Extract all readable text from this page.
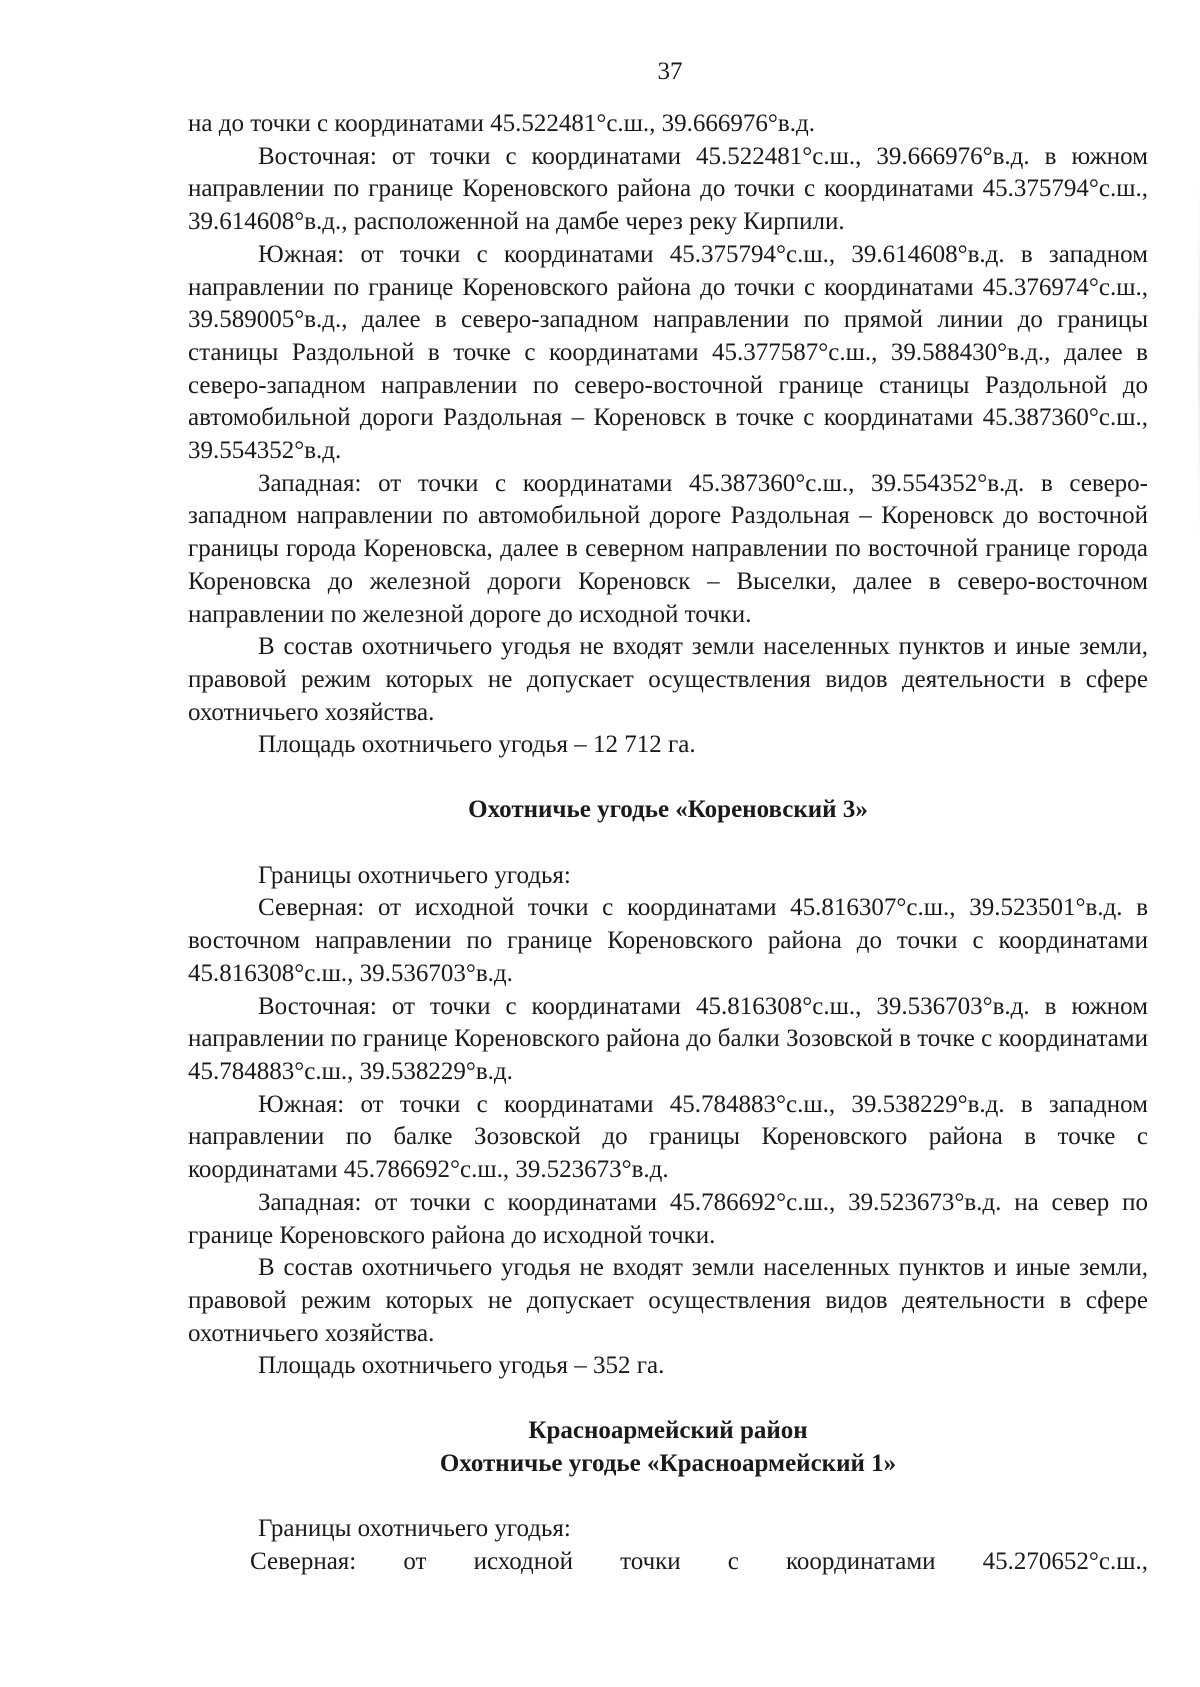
37

на до точки с координатами 45.522481°с.ш., 39.666976°в.д.

Восточная: от точки с координатами 45.522481°с.ш., 39.666976°в.д. в южном направлении по границе Кореновского района до точки с координатами 45.375794°с.ш., 39.614608°в.д., расположенной на дамбе через реку Кирпили.

Южная: от точки с координатами 45.375794°с.ш., 39.614608°в.д. в западном направлении по границе Кореновского района до точки с координатами 45.376974°с.ш., 39.589005°в.д., далее в северо-западном направлении по прямой линии до границы станицы Раздольной в точке с координатами 45.377587°с.ш., 39.588430°в.д., далее в северо-западном направлении по северо-восточной границе станицы Раздольной до автомобильной дороги Раздольная – Кореновск в точке с координатами 45.387360°с.ш., 39.554352°в.д.

Западная: от точки с координатами 45.387360°с.ш., 39.554352°в.д. в северо-западном направлении по автомобильной дороге Раздольная – Кореновск до восточной границы города Кореновска, далее в северном направлении по восточной границе города Кореновска до железной дороги Кореновск – Выселки, далее в северо-восточном направлении по железной дороге до исходной точки.

В состав охотничьего угодья не входят земли населенных пунктов и иные земли, правовой режим которых не допускает осуществления видов деятельности в сфере охотничьего хозяйства.

Площадь охотничьего угодья – 12 712 га.

Охотничье угодье «Кореновский 3»

Границы охотничьего угодья:

Северная: от исходной точки с координатами 45.816307°с.ш., 39.523501°в.д. в восточном направлении по границе Кореновского района до точки с координатами 45.816308°с.ш., 39.536703°в.д.

Восточная: от точки с координатами 45.816308°с.ш., 39.536703°в.д. в южном направлении по границе Кореновского района до балки Зозовской в точке с координатами 45.784883°с.ш., 39.538229°в.д.

Южная: от точки с координатами 45.784883°с.ш., 39.538229°в.д. в западном направлении по балке Зозовской до границы Кореновского района в точке с координатами 45.786692°с.ш., 39.523673°в.д.

Западная: от точки с координатами 45.786692°с.ш., 39.523673°в.д. на север по границе Кореновского района до исходной точки.

В состав охотничьего угодья не входят земли населенных пунктов и иные земли, правовой режим которых не допускает осуществления видов деятельности в сфере охотничьего хозяйства.

Площадь охотничьего угодья – 352 га.

Красноармейский район

Охотничье угодье «Красноармейский 1»

Границы охотничьего угодья:

Северная: от исходной точки с координатами 45.270652°с.ш.,
